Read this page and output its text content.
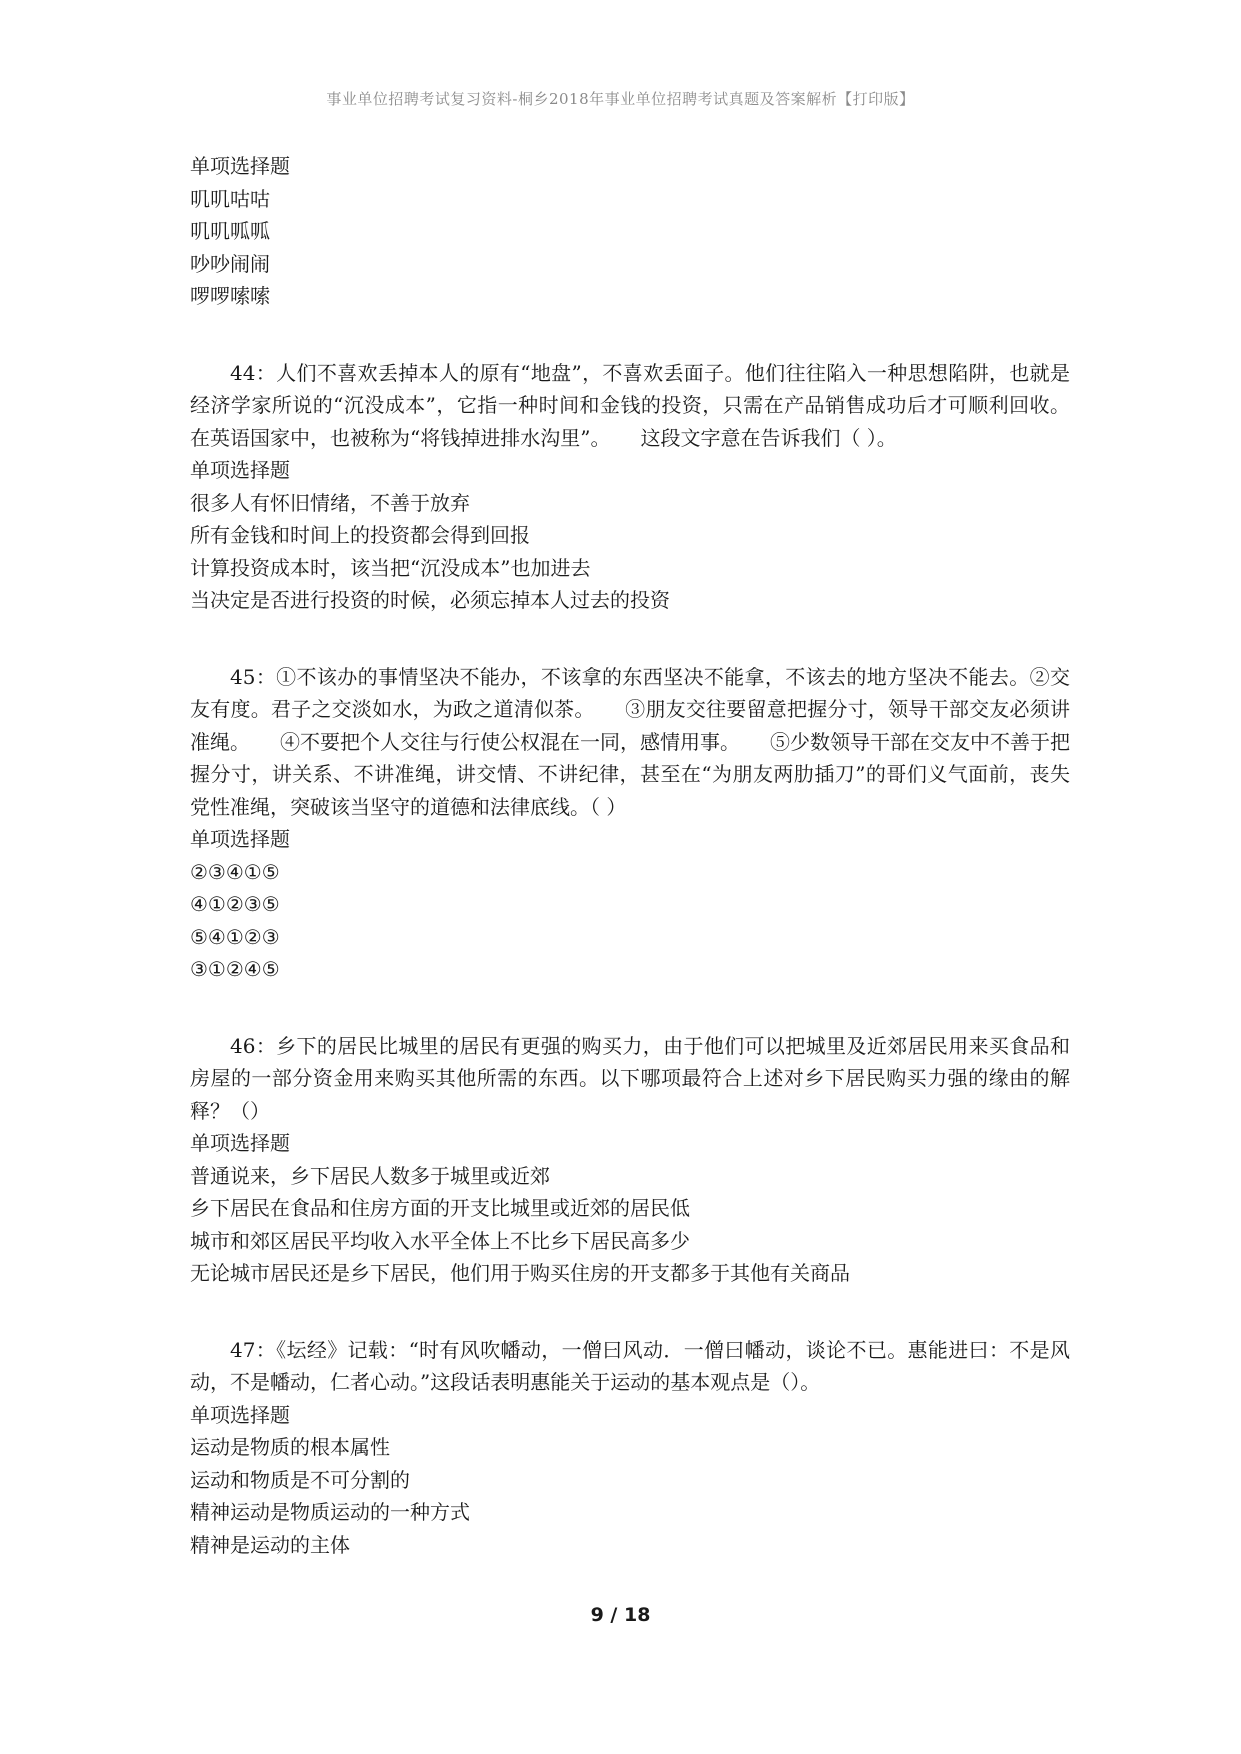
事业单位招聘考试复习资料-桐乡2018年事业单位招聘考试真题及答案解析【打印版】
单项选择题
叽叽咕咕
叽叽呱呱
吵吵闹闹
啰啰嗦嗦

44：人们不喜欢丢掉本人的原有“地盘”，不喜欢丢面子。他们往往陷入一种思想陷阱，也就是经济学家所说的“沉没成本”，它指一种时间和金钱的投资，只需在产品销售成功后才可顺利回收。在英语国家中，也被称为“将钱掉进排水沟里”。　　这段文字意在告诉我们（ ）。

单项选择题
很多人有怀旧情绪，不善于放弃
所有金钱和时间上的投资都会得到回报
计算投资成本时，该当把“沉没成本”也加进去
当决定是否进行投资的时候，必须忘掉本人过去的投资

45：①不该办的事情坚决不能办，不该拿的东西坚决不能拿，不该去的地方坚决不能去。②交友有度。君子之交淡如水，为政之道清似茶。　　③朋友交往要留意把握分寸，领导干部交友必须讲准绳。　　④不要把个人交往与行使公权混在一同，感情用事。　　⑤少数领导干部在交友中不善于把握分寸，讲关系、不讲准绳，讲交情、不讲纪律，甚至在“为朋友两肋插刀”的哥们义气面前，丧失党性准绳，突破该当坚守的道德和法律底线。（ ）

单项选择题
②③④①⑤
④①②③⑤
⑤④①②③
③①②④⑤

46：乡下的居民比城里的居民有更强的购买力，由于他们可以把城里及近郊居民用来买食品和房屋的一部分资金用来购买其他所需的东西。以下哪项最符合上述对乡下居民购买力强的缘由的解释？（）

单项选择题
普通说来，乡下居民人数多于城里或近郊
乡下居民在食品和住房方面的开支比城里或近郊的居民低
城市和郊区居民平均收入水平全体上不比乡下居民高多少
无论城市居民还是乡下居民，他们用于购买住房的开支都多于其他有关商品

47：《坛经》记载：“时有风吹幡动，一僧曰风动．一僧曰幡动，谈论不已。惠能进曰：不是风动，不是幡动，仁者心动。”这段话表明惠能关于运动的基本观点是（）。

单项选择题
运动是物质的根本属性
运动和物质是不可分割的
精神运动是物质运动的一种方式
精神是运动的主体
9 / 18
